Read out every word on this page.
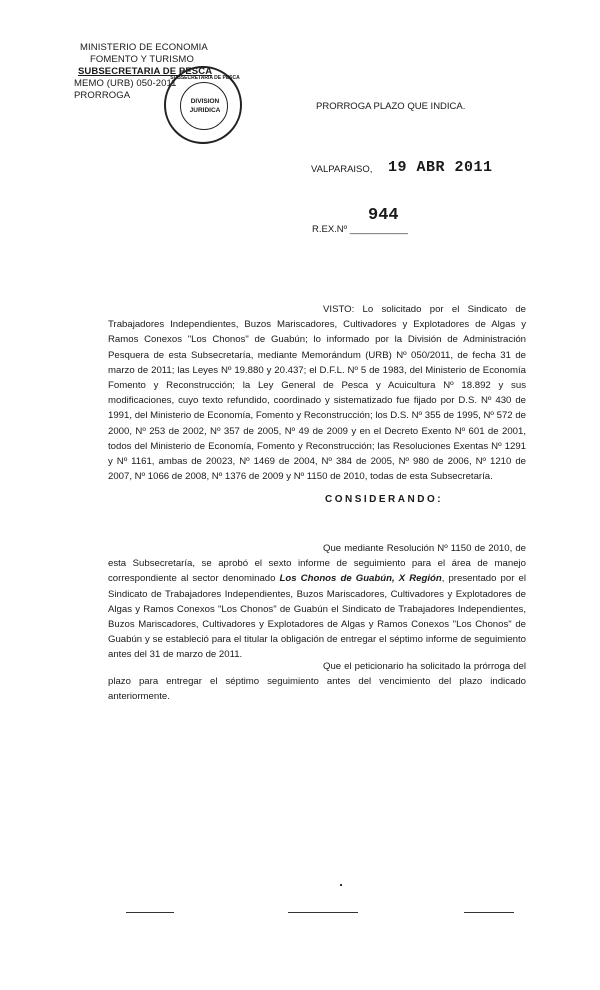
MINISTERIO DE ECONOMIA
FOMENTO Y TURISMO
SUBSECRETARIA DE PESCA
MEMO (URB) 050-2011 PRORROGA
SUBSECRETARIA DE PESCA
DIVISION
JURIDICA	PRORROGA PLAZO QUE INDICA.
VALPARAISO, 19 ABR 2011
944
R.EX.Nº ___________
VISTO: Lo solicitado por el Sindicato de Trabajadores Independientes, Buzos Mariscadores, Cultivadores y Explotadores de Algas y Ramos Conexos "Los Chonos" de Guabún; lo informado por la División de Administración Pesquera de esta Subsecretaría, mediante Memorándum (URB) Nº 050/2011, de fecha 31 de marzo de 2011; las Leyes Nº 19.880 y 20.437; el D.F.L. Nº 5 de 1983, del Ministerio de Economía Fomento y Reconstrucción; la Ley General de Pesca y Acuicultura Nº 18.892 y sus modificaciones, cuyo texto refundido, coordinado y sistematizado fue fijado por D.S. Nº 430 de 1991, del Ministerio de Economía, Fomento y Reconstrucción; los D.S. Nº 355 de 1995, Nº 572 de 2000, Nº 253 de 2002, Nº 357 de 2005, Nº 49 de 2009 y en el Decreto Exento Nº 601 de 2001, todos del Ministerio de Economía, Fomento y Reconstrucción; las Resoluciones Exentas Nº 1291 y Nº 1161, ambas de 20023, Nº 1469 de 2004, Nº 384 de 2005, Nº 980 de 2006, Nº 1210 de 2007, Nº 1066 de 2008, Nº 1376 de 2009 y Nº 1150 de 2010, todas de esta Subsecretaría.
CONSIDERANDO:
Que mediante Resolución Nº 1150 de 2010, de esta Subsecretaría, se aprobó el sexto informe de seguimiento para el área de manejo correspondiente al sector denominado Los Chonos de Guabún, X Región, presentado por el Sindicato de Trabajadores Independientes, Buzos Mariscadores, Cultivadores y Explotadores de Algas y Ramos Conexos "Los Chonos" de Guabún el Sindicato de Trabajadores Independientes, Buzos Mariscadores, Cultivadores y Explotadores de Algas y Ramos Conexos "Los Chonos" de Guabún y se estableció para el titular la obligación de entregar el séptimo informe de seguimiento antes del 31 de marzo de 2011.
Que el peticionario ha solicitado la prórroga del plazo para entregar el séptimo seguimiento antes del vencimiento del plazo indicado anteriormente.
